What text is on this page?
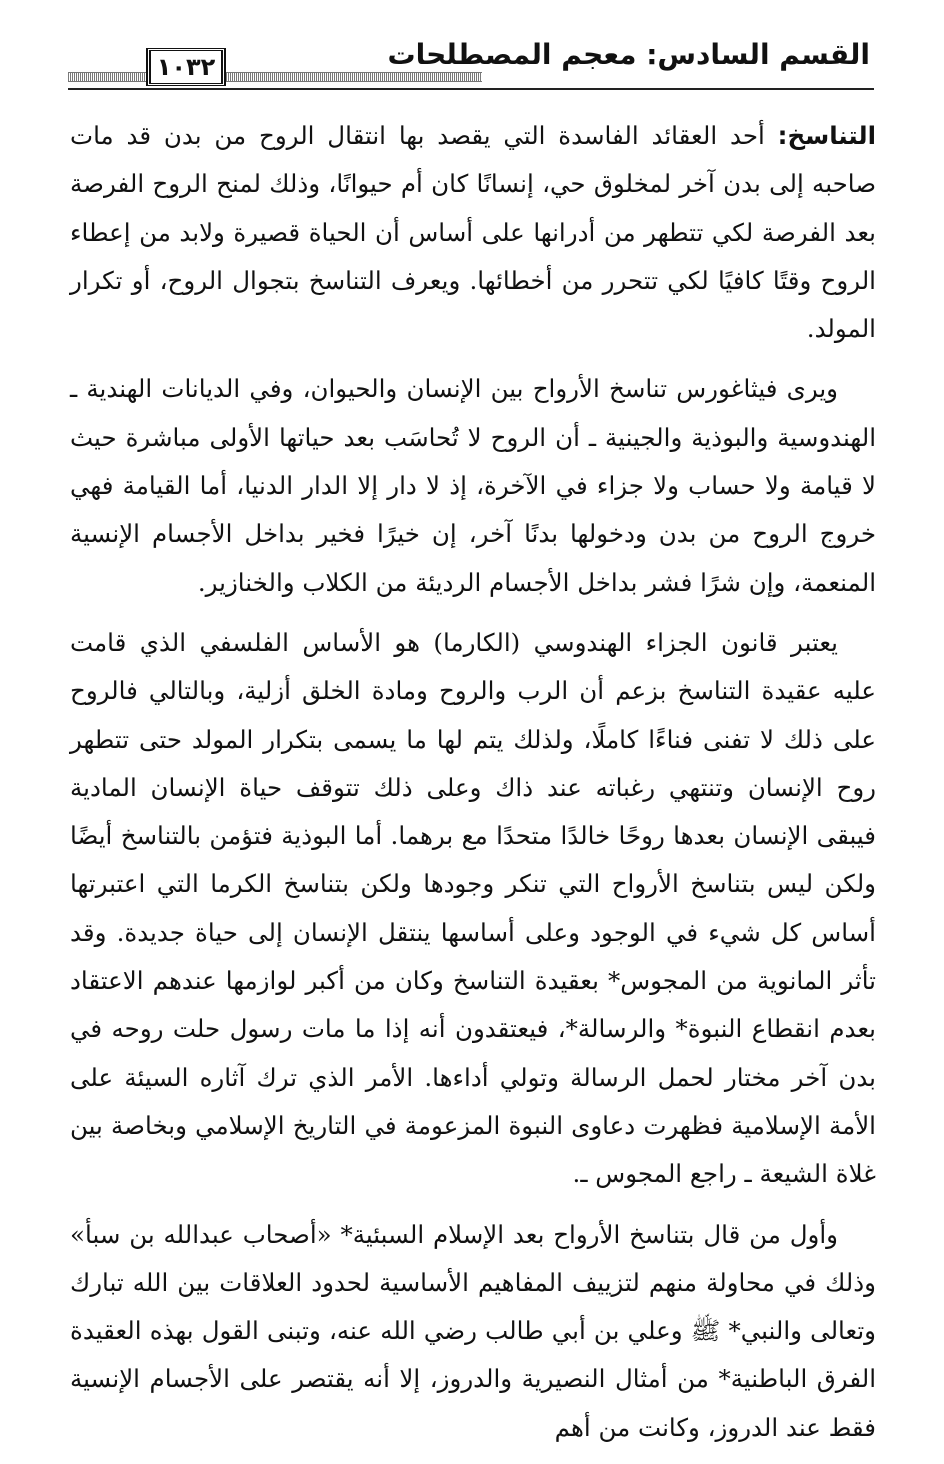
القسم السادس: معجم المصطلحات
١٠٣٢

التناسخ: أحد العقائد الفاسدة التي يقصد بها انتقال الروح من بدن قد مات صاحبه إلى بدن آخر لمخلوق حي، إنسانًا كان أم حيوانًا، وذلك لمنح الروح الفرصة بعد الفرصة لكي تتطهر من أدرانها على أساس أن الحياة قصيرة ولابد من إعطاء الروح وقتًا كافيًا لكي تتحرر من أخطائها. ويعرف التناسخ بتجوال الروح، أو تكرار المولد.

ويرى فيثاغورس تناسخ الأرواح بين الإنسان والحيوان، وفي الديانات الهندية ـ الهندوسية والبوذية والجينية ـ أن الروح لا تُحاسَب بعد حياتها الأولى مباشرة حيث لا قيامة ولا حساب ولا جزاء في الآخرة، إذ لا دار إلا الدار الدنيا، أما القيامة فهي خروج الروح من بدن ودخولها بدنًا آخر، إن خيرًا فخير بداخل الأجسام الإنسية المنعمة، وإن شرًا فشر بداخل الأجسام الرديئة من الكلاب والخنازير.

يعتبر قانون الجزاء الهندوسي (الكارما) هو الأساس الفلسفي الذي قامت عليه عقيدة التناسخ بزعم أن الرب والروح ومادة الخلق أزلية، وبالتالي فالروح على ذلك لا تفنى فناءًا كاملًا، ولذلك يتم لها ما يسمى بتكرار المولد حتى تتطهر روح الإنسان وتنتهي رغباته عند ذاك وعلى ذلك تتوقف حياة الإنسان المادية فيبقى الإنسان بعدها روحًا خالدًا متحدًا مع برهما. أما البوذية فتؤمن بالتناسخ أيضًا ولكن ليس بتناسخ الأرواح التي تنكر وجودها ولكن بتناسخ الكرما التي اعتبرتها أساس كل شيء في الوجود وعلى أساسها ينتقل الإنسان إلى حياة جديدة. وقد تأثر المانوية من المجوس* بعقيدة التناسخ وكان من أكبر لوازمها عندهم الاعتقاد بعدم انقطاع النبوة* والرسالة*، فيعتقدون أنه إذا ما مات رسول حلت روحه في بدن آخر مختار لحمل الرسالة وتولي أداءها. الأمر الذي ترك آثاره السيئة على الأمة الإسلامية فظهرت دعاوى النبوة المزعومة في التاريخ الإسلامي وبخاصة بين غلاة الشيعة ـ راجع المجوس ـ.

وأول من قال بتناسخ الأرواح بعد الإسلام السبئية* «أصحاب عبدالله بن سبأ» وذلك في محاولة منهم لتزييف المفاهيم الأساسية لحدود العلاقات بين الله تبارك وتعالى والنبي* ﷺ وعلي بن أبي طالب رضي الله عنه، وتبنى القول بهذه العقيدة الفرق الباطنية* من أمثال النصيرية والدروز، إلا أنه يقتصر على الأجسام الإنسية فقط عند الدروز، وكانت من أهم
